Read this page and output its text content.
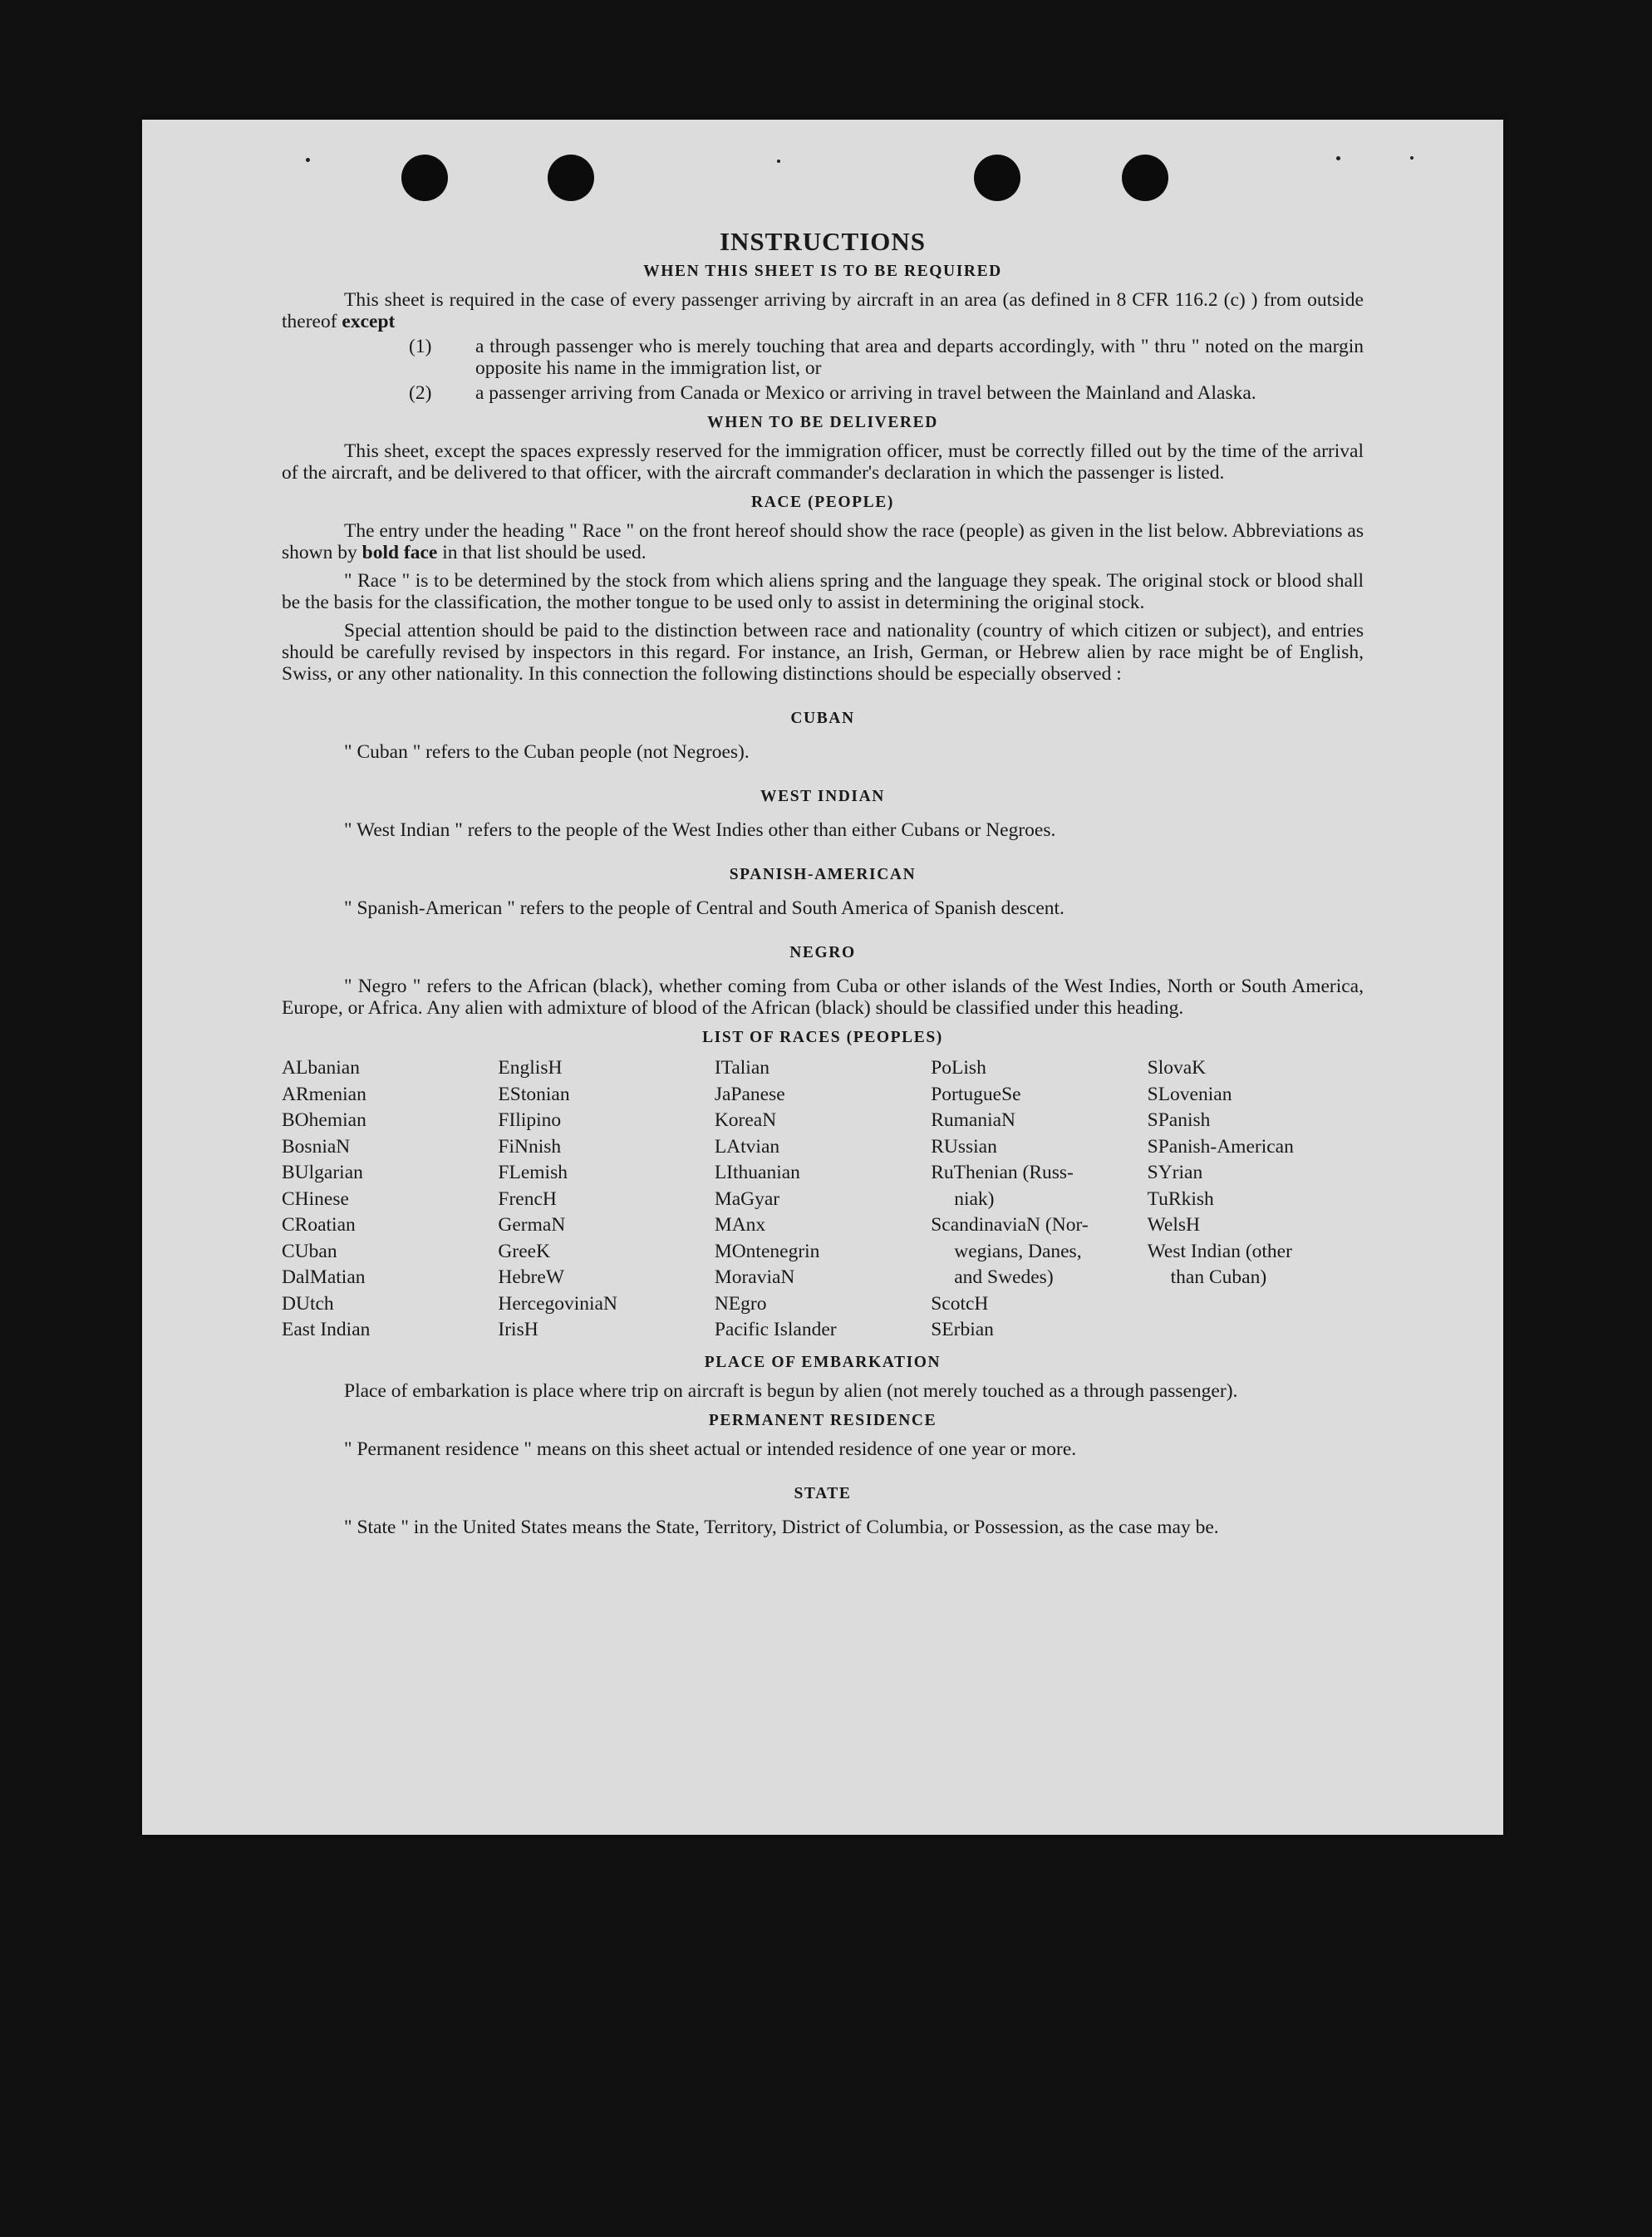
INSTRUCTIONS
WHEN THIS SHEET IS TO BE REQUIRED

This sheet is required in the case of every passenger arriving by aircraft in an area (as defined in 8 CFR 116.2 (c) ) from outside thereof except

(1) a through passenger who is merely touching that area and departs accordingly, with " thru " noted on the margin opposite his name in the immigration list, or
(2) a passenger arriving from Canada or Mexico or arriving in travel between the Mainland and Alaska.
WHEN TO BE DELIVERED

This sheet, except the spaces expressly reserved for the immigration officer, must be correctly filled out by the time of the arrival of the aircraft, and be delivered to that officer, with the aircraft commander's declaration in which the passenger is listed.

RACE (PEOPLE)

The entry under the heading " Race " on the front hereof should show the race (people) as given in the list below. Abbreviations as shown by bold face in that list should be used.

" Race " is to be determined by the stock from which aliens spring and the language they speak. The original stock or blood shall be the basis for the classification, the mother tongue to be used only to assist in determining the original stock.

Special attention should be paid to the distinction between race and nationality (country of which citizen or subject), and entries should be carefully revised by inspectors in this regard. For instance, an Irish, German, or Hebrew alien by race might be of English, Swiss, or any other nationality. In this connection the following distinctions should be especially observed :

CUBAN

" Cuban " refers to the Cuban people (not Negroes).

WEST INDIAN

" West Indian " refers to the people of the West Indies other than either Cubans or Negroes.

SPANISH-AMERICAN

" Spanish-American " refers to the people of Central and South America of Spanish descent.

NEGRO

" Negro " refers to the African (black), whether coming from Cuba or other islands of the West Indies, North or South America, Europe, or Africa. Any alien with admixture of blood of the African (black) should be classified under this heading.

LIST OF RACES (PEOPLES)
ALbanian
ARmenian
BOhemian
BosniaN
BUlgarian
CHinese
CRoatian
CUban
DalMatian
DUtch
East Indian
EnglisH
EStonian
FIlipino
FiNnish
FLemish
FrencH
GermaN
GreeK
HebreW
HercegoviniaN
IrisH
ITalian
JaPanese
KoreaN
LAtvian
LIthuanian
MaGyar
MAnx
MOntenegrin
MoraviaN
NEgro
Pacific Islander
PoLish
PortugueSe
RumaniaN
RUssian
RuThenian (Russ-
niak)
ScandinaviaN (Nor-
wegians, Danes,
and Swedes)
ScotcH
SErbian
SlovaK
SLovenian
SPanish
SPanish-American
SYrian
TuRkish
WelsH
West Indian (other
than Cuban)
PLACE OF EMBARKATION

Place of embarkation is place where trip on aircraft is begun by alien (not merely touched as a through passenger).

PERMANENT RESIDENCE

" Permanent residence " means on this sheet actual or intended residence of one year or more.

STATE

" State " in the United States means the State, Territory, District of Columbia, or Possession, as the case may be.
